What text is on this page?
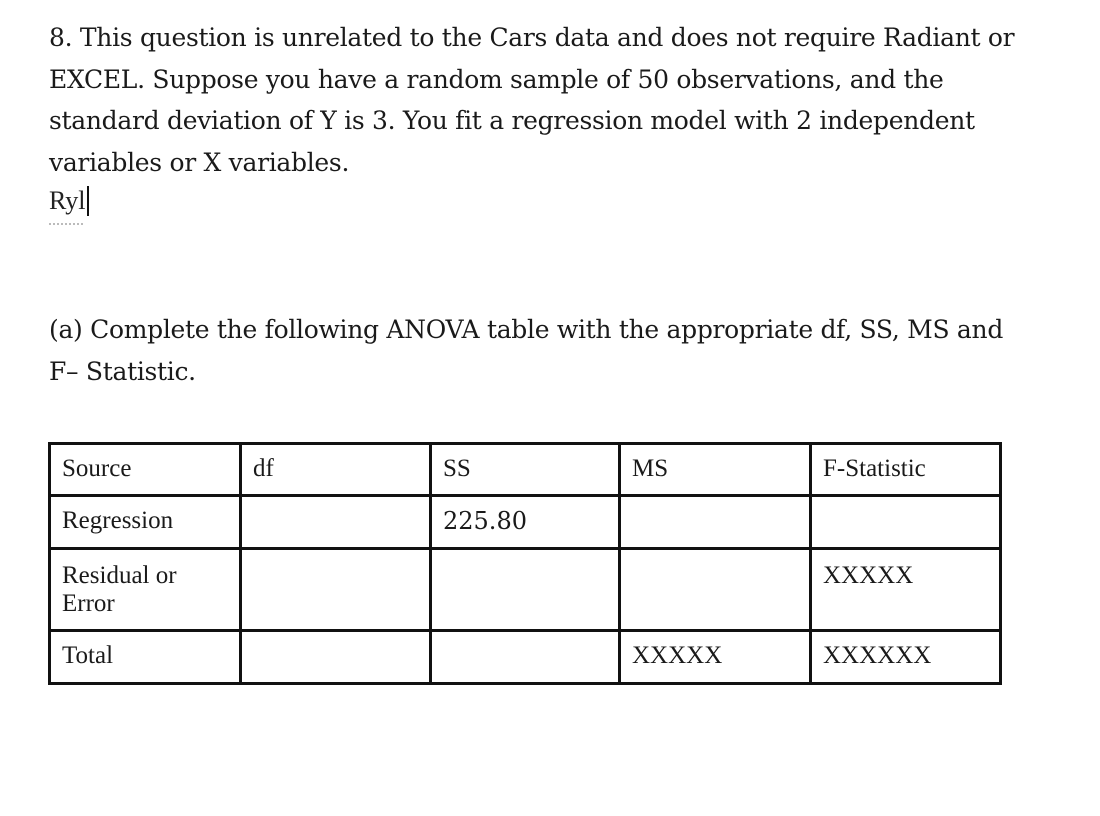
8. This question is unrelated to the Cars data and does not require Radiant or

EXCEL. Suppose you have a random sample of 50 observations, and the

standard deviation of Y is 3. You fit a regression model with 2 independent

variables or X variables.

Ryl

(a) Complete the following ANOVA table with the appropriate df, SS, MS and

F– Statistic.

Source	df	SS	MS	F-Statistic
Regression		225.80		

Residual or
Error				XXXXX
Total			XXXXX	XXXXXX
